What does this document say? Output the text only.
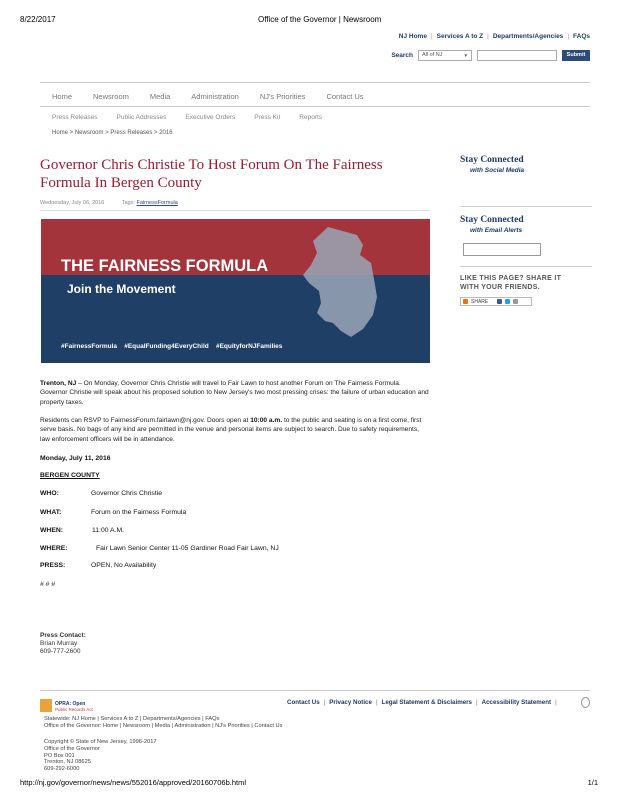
8/22/2017	Office of the Governor | Newsroom
NJ Home | Services A to Z | Departments/Agencies | FAQs
Search	All of NJ	▼	Submit
Home	Newsroom	Media	Administration	NJ's Priorities	Contact Us
Press Releases	Public Addresses	Executive Orders	Press Kit	Reports
Home > Newsroom > Press Releases > 2016
Governor Chris Christie To Host Forum On The Fairness
Formula In Bergen County
Wednesday, July 06, 2016	Tags: FairnessFormula
THE FAIRNESS FORMULA
Join the Movement
#FairnessFormula    #EqualFunding4EveryChild    #EquityforNJFamilies
Trenton, NJ – On Monday, Governor Chris Christie will travel to Fair Lawn to host another Forum on The Fairness Formula. Governor Christie will speak about his proposed solution to New Jersey's two most pressing crises: the failure of urban education and property taxes.
Residents can RSVP to FairnessForum.fairlawn@nj.gov. Doors open at 10:00 a.m. to the public and seating is on a first come, first serve basis. No bags of any kind are permitted in the venue and personal items are subject to search. Due to safety requirements, law enforcement officers will be in attendance.
Monday, July 11, 2016
BERGEN COUNTY
WHO:	Governor Chris Christie
WHAT:	Forum on the Fairness Formula
WHEN:	11:00 A.M.
WHERE:	Fair Lawn Senior Center 11-05 Gardiner Road Fair Lawn, NJ
PRESS:	OPEN, No Availability
# # #
Press Contact:
Brian Murray
609-777-2600
Stay Connected
with Social Media
Stay Connected
with Email Alerts
LIKE THIS PAGE? SHARE IT
WITH YOUR FRIENDS.
SHARE
OPRA: Open
Public Records Act
Contact Us | Privacy Notice | Legal Statement & Disclaimers | Accessibility Statement |
Statewide: NJ Home | Services A to Z | Departments/Agencies | FAQs
Office of the Governor: Home | Newsroom | Media | Administration | NJ's Priorities | Contact Us
Copyright © State of New Jersey, 1996-2017
Office of the Governor
PO Box 001
Trenton, NJ 08625
609-292-6000
http://nj.gov/governor/news/news/552016/approved/20160706b.html	1/1
